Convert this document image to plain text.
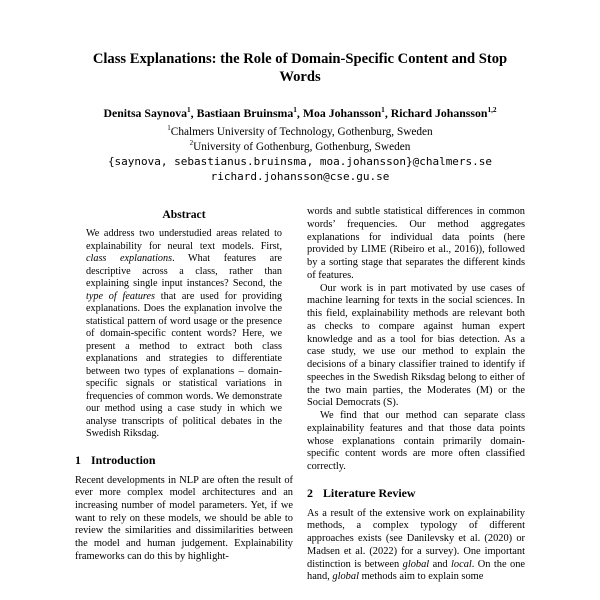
Class Explanations: the Role of Domain-Specific Content and Stop Words
Denitsa Saynova$^1$, Bastiaan Bruinsma$^1$, Moa Johansson$^1$, Richard Johansson$^{1,2}$
$^1$Chalmers University of Technology, Gothenburg, Sweden
$^2$University of Gothenburg, Gothenburg, Sweden
{saynova, sebastianus.bruinsma, moa.johansson}@chalmers.se
richard.johansson@cse.gu.se
Abstract

We address two understudied areas related to explainability for neural text models. First, class explanations. What features are descriptive across a class, rather than explaining single input instances? Second, the type of features that are used for providing explanations. Does the explanation involve the statistical pattern of word usage or the presence of domain-specific content words? Here, we present a method to extract both class explanations and strategies to differentiate between two types of explanations – domain-specific signals or statistical variations in frequencies of common words. We demonstrate our method using a case study in which we analyse transcripts of political debates in the Swedish Riksdag.

1 Introduction

Recent developments in NLP are often the result of ever more complex model architectures and an increasing number of model parameters. Yet, if we want to rely on these models, we should be able to review the similarities and dissimilarities between the model and human judgement. Explainability frameworks can do this by highlight-

words and subtle statistical differences in common words’ frequencies. Our method aggregates explanations for individual data points (here provided by LIME (Ribeiro et al., 2016)), followed by a sorting stage that separates the different kinds of features.

Our work is in part motivated by use cases of machine learning for texts in the social sciences. In this field, explainability methods are relevant both as checks to compare against human expert knowledge and as a tool for bias detection. As a case study, we use our method to explain the decisions of a binary classifier trained to identify if speeches in the Swedish Riksdag belong to either of the two main parties, the Moderates (M) or the Social Democrats (S).

We find that our method can separate class explainability features and that those data points whose explanations contain primarily domain-specific content words are more often classified correctly.

2 Literature Review

As a result of the extensive work on explainability methods, a complex typology of different approaches exists (see Danilevsky et al. (2020) or Madsen et al. (2022) for a survey). One important distinction is between global and local. On the one hand, global methods aim to explain some
